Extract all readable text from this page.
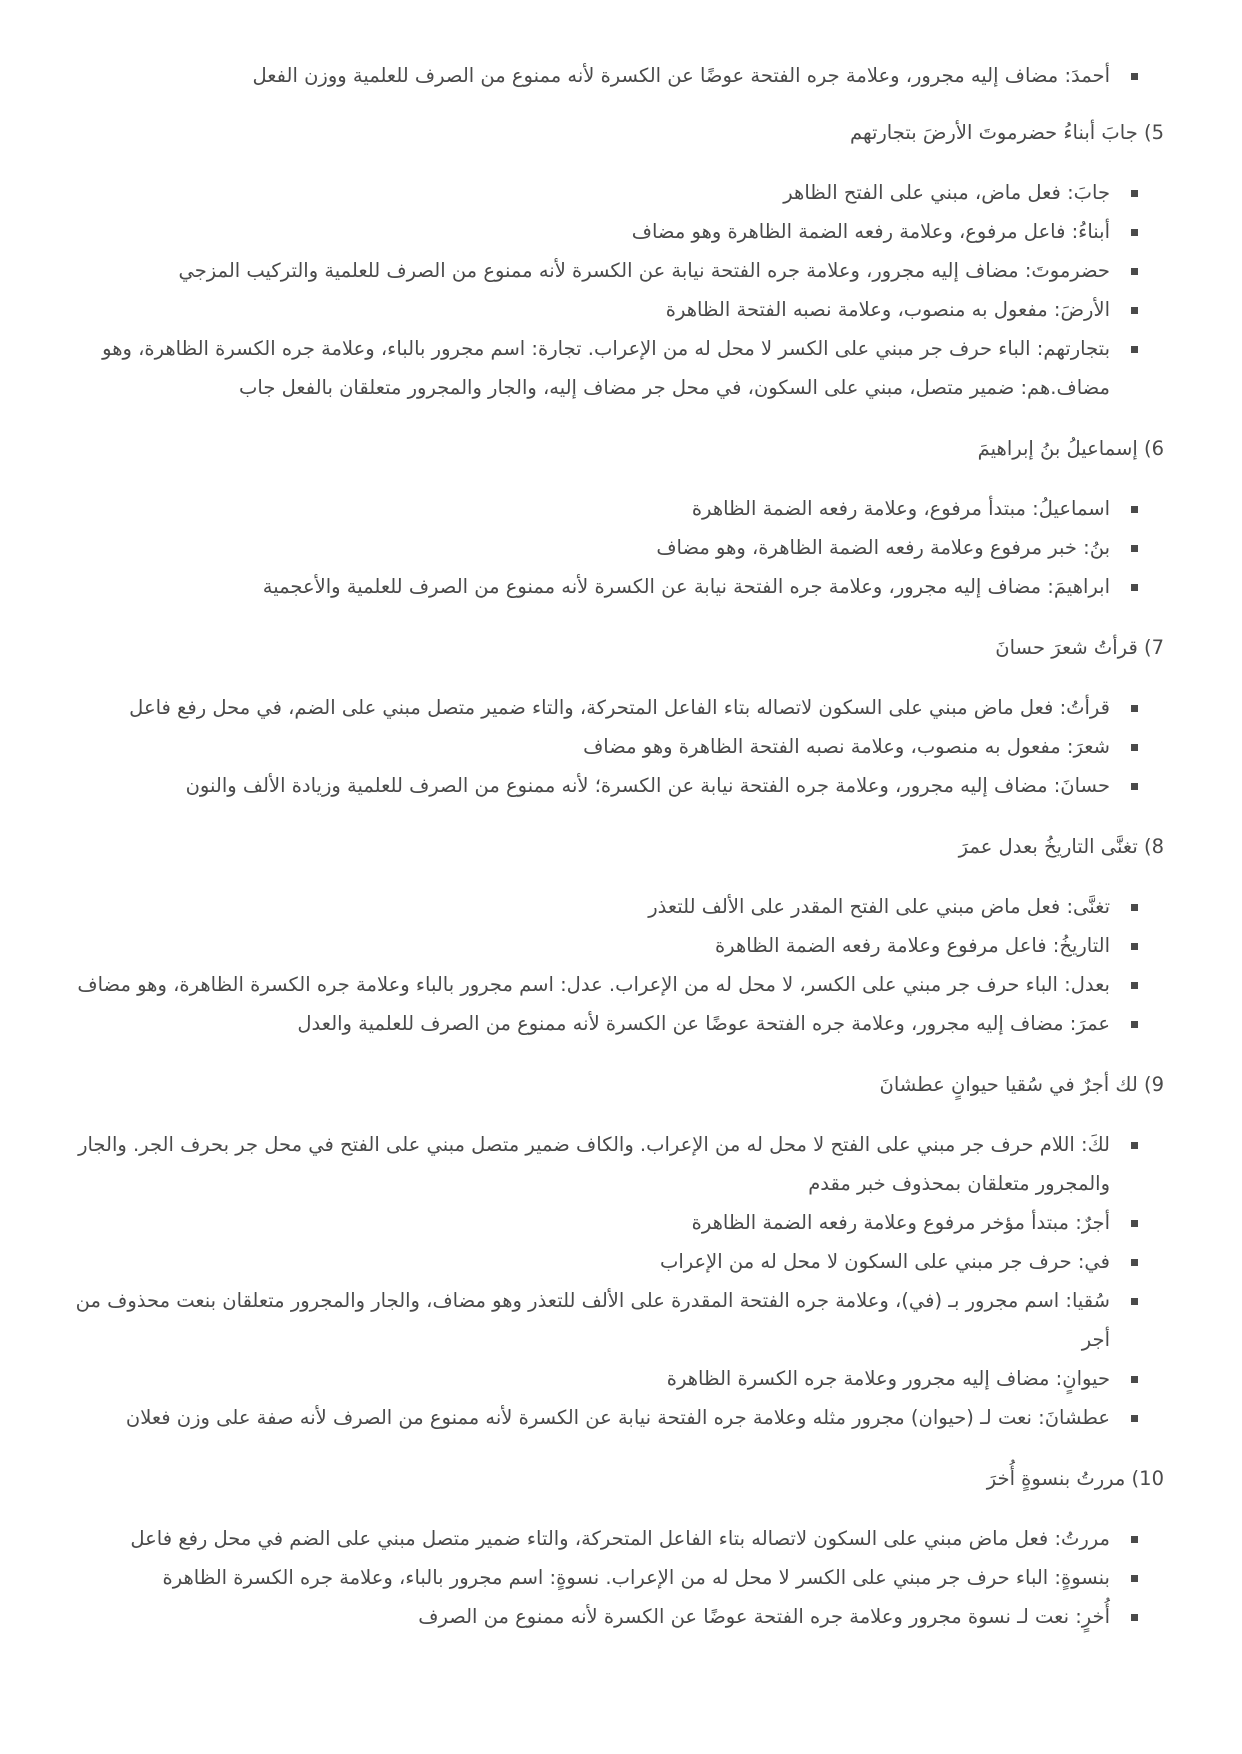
أحمدَ: مضاف إليه مجرور، وعلامة جره الفتحة عوضًا عن الكسرة لأنه ممنوع من الصرف للعلمية ووزن الفعل

5) جابَ أبناءُ حضرموتَ الأرضَ بتجارتهم

جابَ: فعل ماض، مبني على الفتح الظاهر
أبناءُ: فاعل مرفوع، وعلامة رفعه الضمة الظاهرة وهو مضاف
حضرموتَ: مضاف إليه مجرور، وعلامة جره الفتحة نيابة عن الكسرة لأنه ممنوع من الصرف للعلمية والتركيب المزجي
الأرضَ: مفعول به منصوب، وعلامة نصبه الفتحة الظاهرة
بتجارتهم: الباء حرف جر مبني على الكسر لا محل له من الإعراب. تجارة: اسم مجرور بالباء، وعلامة جره الكسرة الظاهرة، وهو مضاف.هم: ضمير متصل، مبني على السكون، في محل جر مضاف إليه، والجار والمجرور متعلقان بالفعل جاب

6) إسماعيلُ بنُ إبراهيمَ

اسماعيلُ: مبتدأ مرفوع، وعلامة رفعه الضمة الظاهرة
بنُ: خبر مرفوع وعلامة رفعه الضمة الظاهرة، وهو مضاف
ابراهيمَ: مضاف إليه مجرور، وعلامة جره الفتحة نيابة عن الكسرة لأنه ممنوع من الصرف للعلمية والأعجمية

7) قرأتُ شعرَ حسانَ

قرأتُ: فعل ماض مبني على السكون لاتصاله بتاء الفاعل المتحركة، والتاء ضمير متصل مبني على الضم، في محل رفع فاعل
شعرَ: مفعول به منصوب، وعلامة نصبه الفتحة الظاهرة وهو مضاف
حسانَ: مضاف إليه مجرور، وعلامة جره الفتحة نيابة عن الكسرة؛ لأنه ممنوع من الصرف للعلمية وزيادة الألف والنون

8) تغنَّى التاريخُ بعدل عمرَ

تغنَّى: فعل ماض مبني على الفتح المقدر على الألف للتعذر
التاريخُ: فاعل مرفوع وعلامة رفعه الضمة الظاهرة
بعدل: الباء حرف جر مبني على الكسر، لا محل له من الإعراب. عدل: اسم مجرور بالباء وعلامة جره الكسرة الظاهرة، وهو مضاف
عمرَ: مضاف إليه مجرور، وعلامة جره الفتحة عوضًا عن الكسرة لأنه ممنوع من الصرف للعلمية والعدل

9) لك أجرٌ في سُقيا حيوانٍ عطشانَ

لكَ: اللام حرف جر مبني على الفتح لا محل له من الإعراب. والكاف ضمير متصل مبني على الفتح في محل جر بحرف الجر. والجار والمجرور متعلقان بمحذوف خبر مقدم
أجرٌ: مبتدأ مؤخر مرفوع وعلامة رفعه الضمة الظاهرة
في: حرف جر مبني على السكون لا محل له من الإعراب
سُقيا: اسم مجرور بـ (في)، وعلامة جره الفتحة المقدرة على الألف للتعذر وهو مضاف، والجار والمجرور متعلقان بنعت محذوف من أجر
حيوانٍ: مضاف إليه مجرور وعلامة جره الكسرة الظاهرة
عطشانَ: نعت لـ (حيوان) مجرور مثله وعلامة جره الفتحة نيابة عن الكسرة لأنه ممنوع من الصرف لأنه صفة على وزن فعلان

10) مررتُ بنسوةٍ أُخرَ

مررتُ: فعل ماض مبني على السكون لاتصاله بتاء الفاعل المتحركة، والتاء ضمير متصل مبني على الضم في محل رفع فاعل
بنسوةٍ: الباء حرف جر مبني على الكسر لا محل له من الإعراب. نسوةٍ: اسم مجرور بالباء، وعلامة جره الكسرة الظاهرة
أُخرٍ: نعت لـ نسوة مجرور وعلامة جره الفتحة عوضًا عن الكسرة لأنه ممنوع من الصرف
